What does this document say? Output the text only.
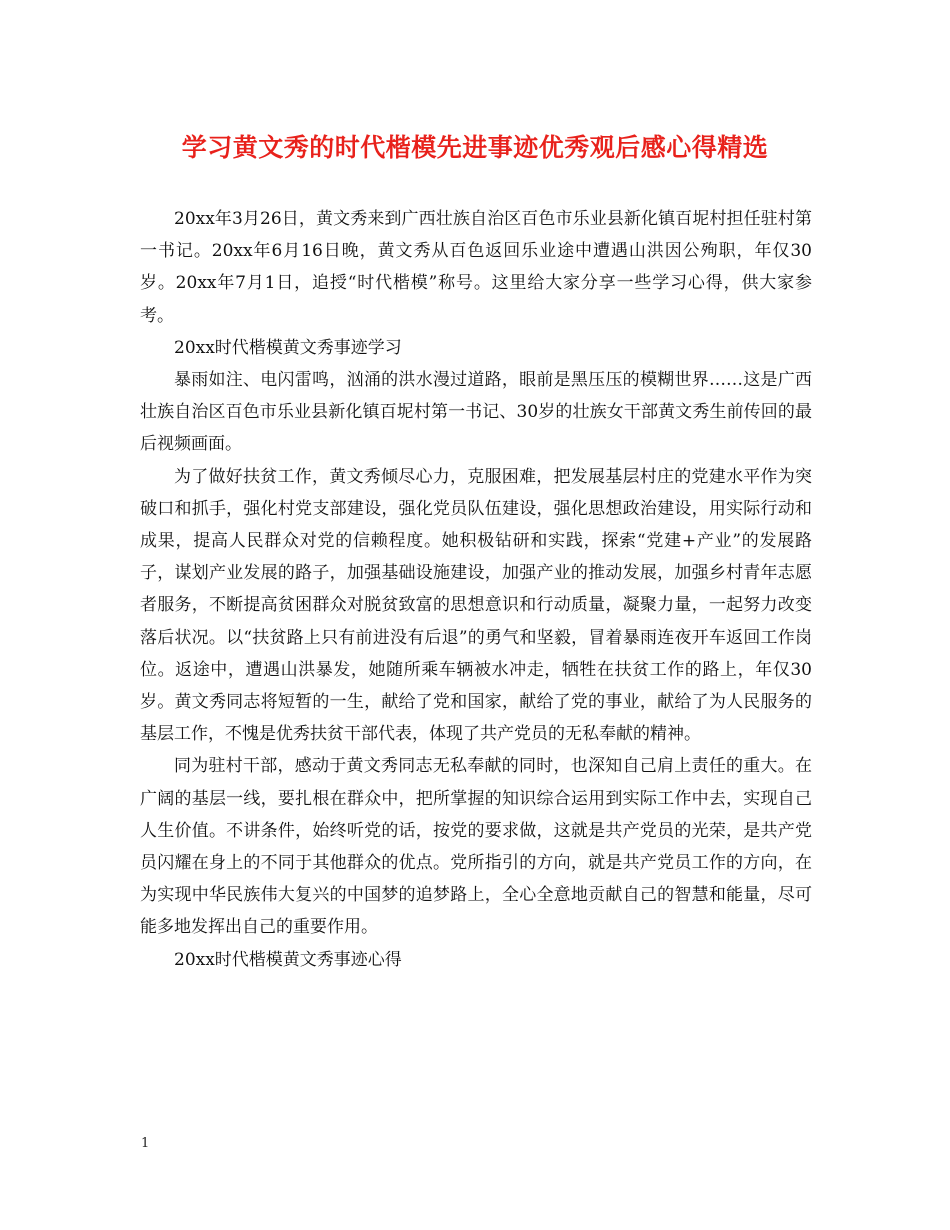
学习黄文秀的时代楷模先进事迹优秀观后感心得精选

20xx年3月26日，黄文秀来到广西壮族自治区百色市乐业县新化镇百坭村担任驻村第一书记。20xx年6月16日晚，黄文秀从百色返回乐业途中遭遇山洪因公殉职，年仅30岁。20xx年7月1日，追授“时代楷模”称号。这里给大家分享一些学习心得，供大家参考。

20xx时代楷模黄文秀事迹学习

暴雨如注、电闪雷鸣，汹涌的洪水漫过道路，眼前是黑压压的模糊世界……这是广西壮族自治区百色市乐业县新化镇百坭村第一书记、30岁的壮族女干部黄文秀生前传回的最后视频画面。

为了做好扶贫工作，黄文秀倾尽心力，克服困难，把发展基层村庄的党建水平作为突破口和抓手，强化村党支部建设，强化党员队伍建设，强化思想政治建设，用实际行动和成果，提高人民群众对党的信赖程度。她积极钻研和实践，探索“党建+产业”的发展路子，谋划产业发展的路子，加强基础设施建设，加强产业的推动发展，加强乡村青年志愿者服务，不断提高贫困群众对脱贫致富的思想意识和行动质量，凝聚力量，一起努力改变落后状况。以“扶贫路上只有前进没有后退”的勇气和坚毅，冒着暴雨连夜开车返回工作岗位。返途中，遭遇山洪暴发，她随所乘车辆被水冲走，牺牲在扶贫工作的路上，年仅30岁。黄文秀同志将短暂的一生，献给了党和国家，献给了党的事业，献给了为人民服务的基层工作，不愧是优秀扶贫干部代表，体现了共产党员的无私奉献的精神。

同为驻村干部，感动于黄文秀同志无私奉献的同时，也深知自己肩上责任的重大。在广阔的基层一线，要扎根在群众中，把所掌握的知识综合运用到实际工作中去，实现自己人生价值。不讲条件，始终听党的话，按党的要求做，这就是共产党员的光荣，是共产党员闪耀在身上的不同于其他群众的优点。党所指引的方向，就是共产党员工作的方向，在为实现中华民族伟大复兴的中国梦的追梦路上，全心全意地贡献自己的智慧和能量，尽可能多地发挥出自己的重要作用。

20xx时代楷模黄文秀事迹心得

1
